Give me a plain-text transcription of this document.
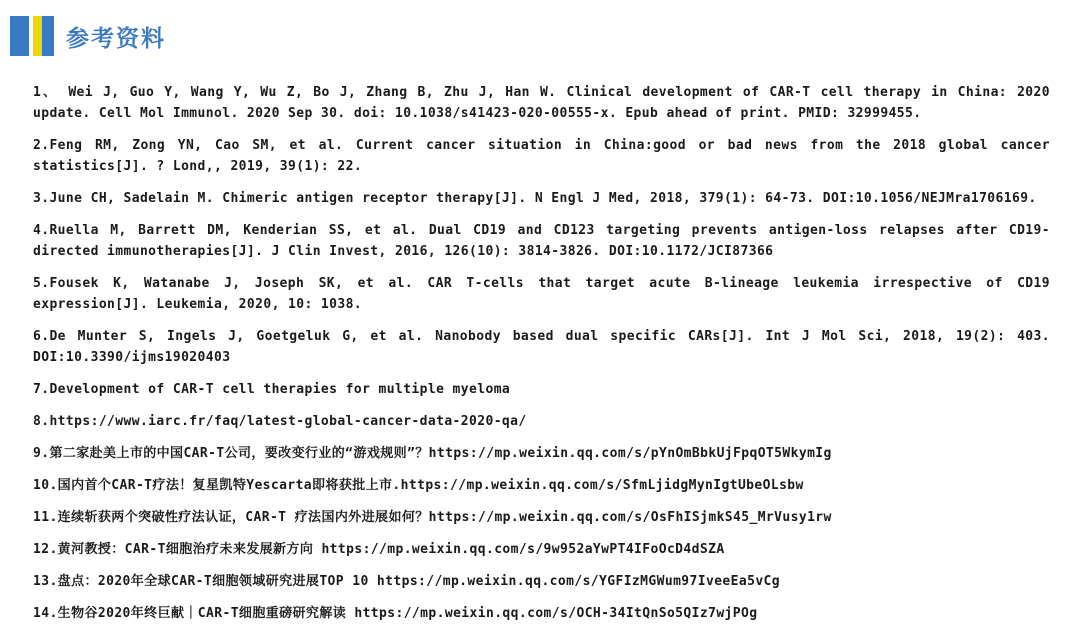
参考资料

1、 Wei J, Guo Y, Wang Y, Wu Z, Bo J, Zhang B, Zhu J, Han W. Clinical development of CAR-T cell therapy in China: 2020 update. Cell Mol Immunol. 2020 Sep 30. doi: 10.1038/s41423-020-00555-x. Epub ahead of print. PMID: 32999455.

2.Feng RM, Zong YN, Cao SM, et al. Current cancer situation in China:good or bad news from the 2018 global cancer statistics[J]. ? Lond,, 2019, 39(1): 22.

3.June CH, Sadelain M. Chimeric antigen receptor therapy[J]. N Engl J Med, 2018, 379(1): 64-73. DOI:10.1056/NEJMra1706169.

4.Ruella M, Barrett DM, Kenderian SS, et al. Dual CD19 and CD123 targeting prevents antigen-loss relapses after CD19-directed immunotherapies[J]. J Clin Invest, 2016, 126(10): 3814-3826. DOI:10.1172/JCI87366

5.Fousek K, Watanabe J, Joseph SK, et al. CAR T-cells that target acute B-lineage leukemia irrespective of CD19 expression[J]. Leukemia, 2020, 10: 1038.

6.De Munter S, Ingels J, Goetgeluk G, et al. Nanobody based dual specific CARs[J]. Int J Mol Sci, 2018, 19(2): 403. DOI:10.3390/ijms19020403

7.Development of CAR-T cell therapies for multiple myeloma

8.https://www.iarc.fr/faq/latest-global-cancer-data-2020-qa/

9.第二家赴美上市的中国CAR-T公司，要改变行业的“游戏规则”？https://mp.weixin.qq.com/s/pYnOmBbkUjFpqOT5WkymIg

10.国内首个CAR-T疗法！复星凯特Yescarta即将获批上市.https://mp.weixin.qq.com/s/SfmLjidgMynIgtUbeOLsbw

11.连续斩获两个突破性疗法认证，CAR-T 疗法国内外进展如何？https://mp.weixin.qq.com/s/OsFhISjmkS45_MrVusy1rw

12.黄河教授：CAR-T细胞治疗未来发展新方向 https://mp.weixin.qq.com/s/9w952aYwPT4IFoOcD4dSZA

13.盘点：2020年全球CAR-T细胞领域研究进展TOP 10 https://mp.weixin.qq.com/s/YGFIzMGWum97IveeEa5vCg

14.生物谷2020年终巨献｜CAR-T细胞重磅研究解读 https://mp.weixin.qq.com/s/OCH-34ItQnSo5QIz7wjPOg
